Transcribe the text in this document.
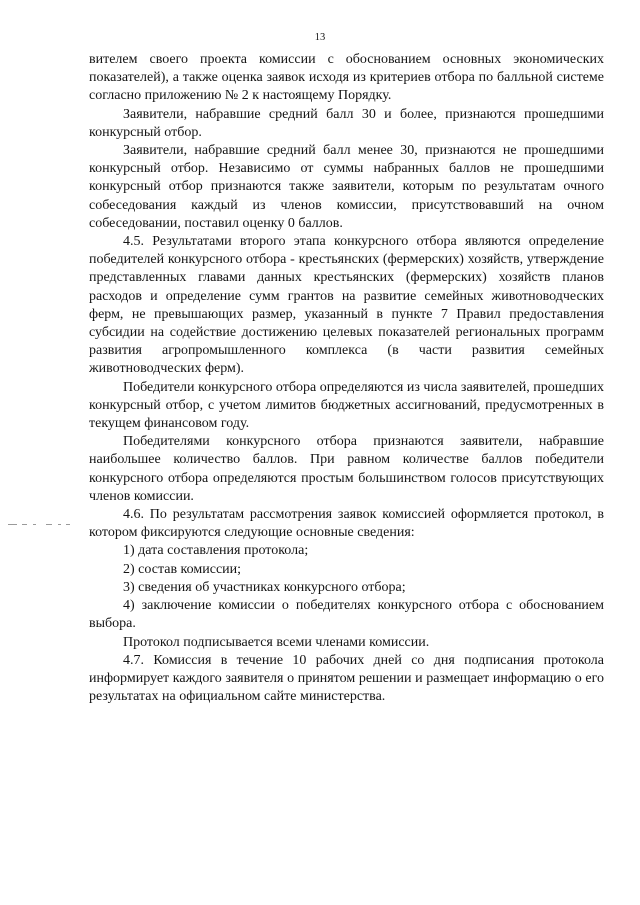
13

вителем своего проекта комиссии с обоснованием основных экономических показателей), а также оценка заявок исходя из критериев отбора по балльной системе согласно приложению № 2 к настоящему Порядку.

Заявители, набравшие средний балл 30 и более, признаются прошедшими конкурсный отбор.

Заявители, набравшие средний балл менее 30, признаются не прошедшими конкурсный отбор. Независимо от суммы набранных баллов не прошедшими конкурсный отбор признаются также заявители, которым по результатам очного собеседования каждый из членов комиссии, присутствовавший на очном собеседовании, поставил оценку 0 баллов.

4.5. Результатами второго этапа конкурсного отбора являются определение победителей конкурсного отбора - крестьянских (фермерских) хозяйств, утверждение представленных главами данных крестьянских (фермерских) хозяйств планов расходов и определение сумм грантов на развитие семейных животноводческих ферм, не превышающих размер, указанный в пункте 7 Правил предоставления субсидии на содействие достижению целевых показателей региональных программ развития агропромышленного комплекса (в части развития семейных животноводческих ферм).

Победители конкурсного отбора определяются из числа заявителей, прошедших конкурсный отбор, с учетом лимитов бюджетных ассигнований, предусмотренных в текущем финансовом году.

Победителями конкурсного отбора признаются заявители, набравшие наибольшее количество баллов. При равном количестве баллов победители конкурсного отбора определяются простым большинством голосов присутствующих членов комиссии.

4.6. По результатам рассмотрения заявок комиссией оформляется протокол, в котором фиксируются следующие основные сведения:

1) дата составления протокола;

2) состав комиссии;

3) сведения об участниках конкурсного отбора;

4) заключение комиссии о победителях конкурсного отбора с обоснованием выбора.

Протокол подписывается всеми членами комиссии.

4.7. Комиссия в течение 10 рабочих дней со дня подписания протокола информирует каждого заявителя о принятом решении и размещает информацию о его результатах на официальном сайте министерства.
